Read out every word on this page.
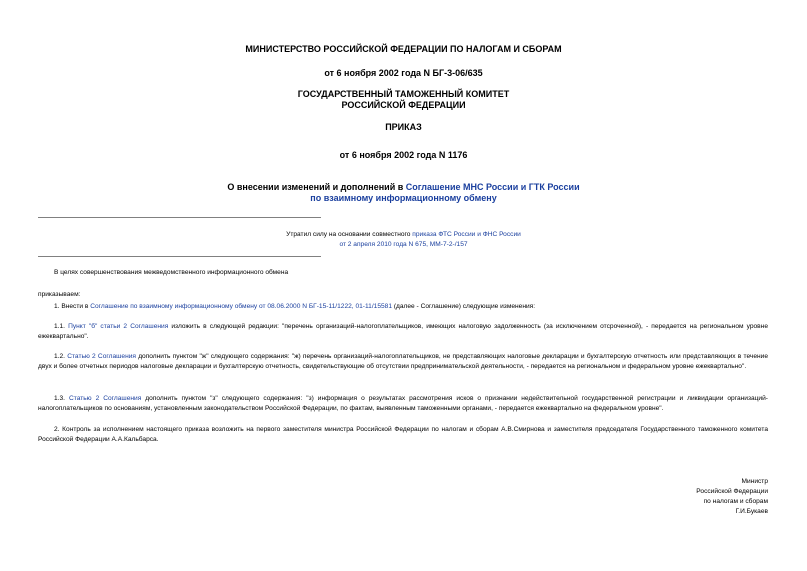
МИНИСТЕРСТВО РОССИЙСКОЙ ФЕДЕРАЦИИ ПО НАЛОГАМ И СБОРАМ
от 6 ноября 2002 года N БГ-3-06/635
ГОСУДАРСТВЕННЫЙ ТАМОЖЕННЫЙ КОМИТЕТ
РОССИЙСКОЙ ФЕДЕРАЦИИ
ПРИКАЗ
от 6 ноября 2002 года N 1176
О внесении изменений и дополнений в Соглашение МНС России и ГТК России
по взаимному информационному обмену
Утратил силу на основании совместного приказа ФТС России и ФНС России
от 2 апреля 2010 года N 675, ММ-7-2-/157
В целях совершенствования межведомственного информационного обмена
приказываем:
1. Внести в Соглашение по взаимному информационному обмену от 08.06.2000 N БГ-15-11/1222, 01-11/15581 (далее - Соглашение) следующие изменения:
1.1. Пункт "б" статьи 2 Соглашения изложить в следующей редакции: "перечень организаций-налогоплательщиков, имеющих налоговую задолженность (за исключением отсроченной), - передается на региональном уровне ежеквартально".
1.2. Статью 2 Соглашения дополнить пунктом "ж" следующего содержания: "ж) перечень организаций-налогоплательщиков, не представляющих налоговые декларации и бухгалтерскую отчетность или представляющих в течение двух и более отчетных периодов налоговые декларации и бухгалтерскую отчетность, свидетельствующие об отсутствии предпринимательской деятельности, - передается на региональном и федеральном уровне ежеквартально".
1.3. Статью 2 Соглашения дополнить пунктом "з" следующего содержания: "з) информация о результатах рассмотрения исков о признании недействительной государственной регистрации и ликвидации организаций-налогоплательщиков по основаниям, установленным законодательством Российской Федерации, по фактам, выявленным таможенными органами, - передается ежеквартально на федеральном уровне".
2. Контроль за исполнением настоящего приказа возложить на первого заместителя министра Российской Федерации по налогам и сборам А.В.Смирнова и заместителя председателя Государственного таможенного комитета Российской Федерации А.А.Кальбарса.
Министр
Российской Федерации
по налогам и сборам
Г.И.Букаев
